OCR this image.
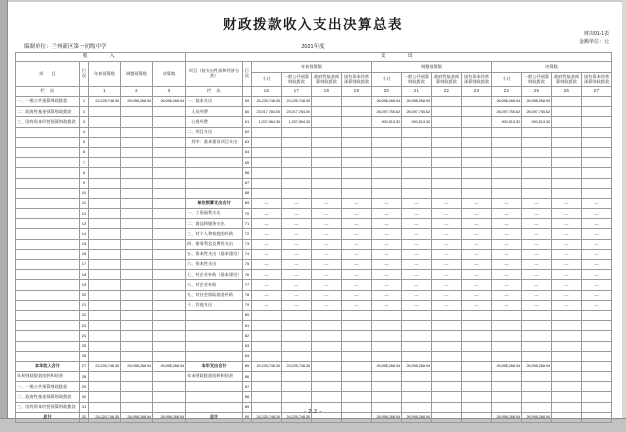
财政拨款收入支出决算总表
财决01-1表
金额单位：元
编制单位：兰州新区第一初级中学	2021年度
收　　入					支　　出													
项　　目	行次	年初预算数	调整预算数	决算数	项目（按支出性质和经济分类）	行次	年初预算数				调整预算数				决算数			
							小计	一般公共预算财政拨款	政府性基金预算财政拨款	国有资本经营预算财政拨款	小计	一般公共预算财政拨款	政府性基金预算财政拨款	国有资本经营预算财政拨款	小计	一般公共预算财政拨款	政府性基金预算财政拨款	国有资本经营预算财政拨款
栏　次		1	2	3	栏　次		16	17	18	19	20	21	22	23	24	25	26	27
一、一般公共预算财政拨款	1	24,225,748.30	26,998,268.94	26,998,268.94	一、基本支出	59	24,225,748.30	24,225,748.30			26,998,268.94	26,998,268.94			26,998,268.94	26,998,268.94		
二、政府性基金预算财政拨款	2				　人员经费	60	23,017,784.00	23,017,784.00			26,097,755.62	26,097,755.62			26,097,755.62	26,097,755.62		
三、国有资本经营预算财政拨款	3				　公用经费	61	1,207,964.30	1,207,964.30			900,513.32	900,513.32			900,513.32	900,513.32		
	4				二、项目支出	62												
	5				　其中：基本建设项目支出	63												
	6					64												
	7					65												
	8					66												
	9					67												
	10					68												
	11				单位预算支出合计	69	—	—	—	—	—	—	—	—	—	—	—	—
	12				一、工资福利支出	70	—	—	—	—	—	—	—	—	—	—	—	—
	13				二、商品和服务支出	71	—	—	—	—	—	—	—	—	—	—	—	—
	14				三、对个人和家庭的补助	72	—	—	—	—	—	—	—	—	—	—	—	—
	15				四、债务利息及费用支出	73	—	—	—	—	—	—	—	—	—	—	—	—
	16				五、资本性支出（基本建设）	74	—	—	—	—	—	—	—	—	—	—	—	—
	17				六、资本性支出	75	—	—	—	—	—	—	—	—	—	—	—	—
	18				七、对企业补助（基本建设）	76	—	—	—	—	—	—	—	—	—	—	—	—
	19				八、对企业补助	77	—	—	—	—	—	—	—	—	—	—	—	—
	20				九、对社会保险基金补助	78	—	—	—	—	—	—	—	—	—	—	—	—
	21				十、其他支出	79	—	—	—	—	—	—	—	—	—	—	—	—
	22					80												
	23					81												
	24					82												
	25					83												
	26					84												
本年收入合计	27	24,225,748.30	26,998,268.94	26,998,268.94	本年支出合计	85	24,225,748.30	24,225,748.30			26,998,268.94	26,998,268.94			26,998,268.94	26,998,268.94		
年初财政拨款结转和结余	28				年末财政拨款结转和结余	86												
一、一般公共预算财政拨款	29					87												
二、政府性基金预算财政拨款	30					88												
三、国有资本经营预算财政拨款	31					89												
总计	32	24,225,748.30	26,998,268.94	26,998,268.94	总计	90	24,225,748.30	24,225,748.30			26,998,268.94	26,998,268.94			26,998,268.94	26,998,268.94		
- 2.2 -
